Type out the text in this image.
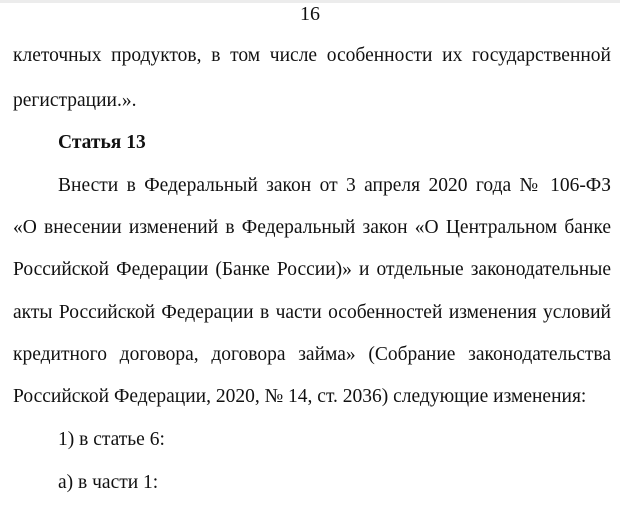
16
клеточных продуктов, в том числе особенности их государственной
регистрации.».
Статья 13
Внести в Федеральный закон от 3 апреля 2020 года № 106-ФЗ
«О внесении изменений в Федеральный закон «О Центральном банке
Российской Федерации (Банке России)» и отдельные законодательные
акты Российской Федерации в части особенностей изменения условий
кредитного договора, договора займа» (Собрание законодательства
Российской Федерации, 2020, № 14, ст. 2036) следующие изменения:
1) в статье 6:
а) в части 1:
